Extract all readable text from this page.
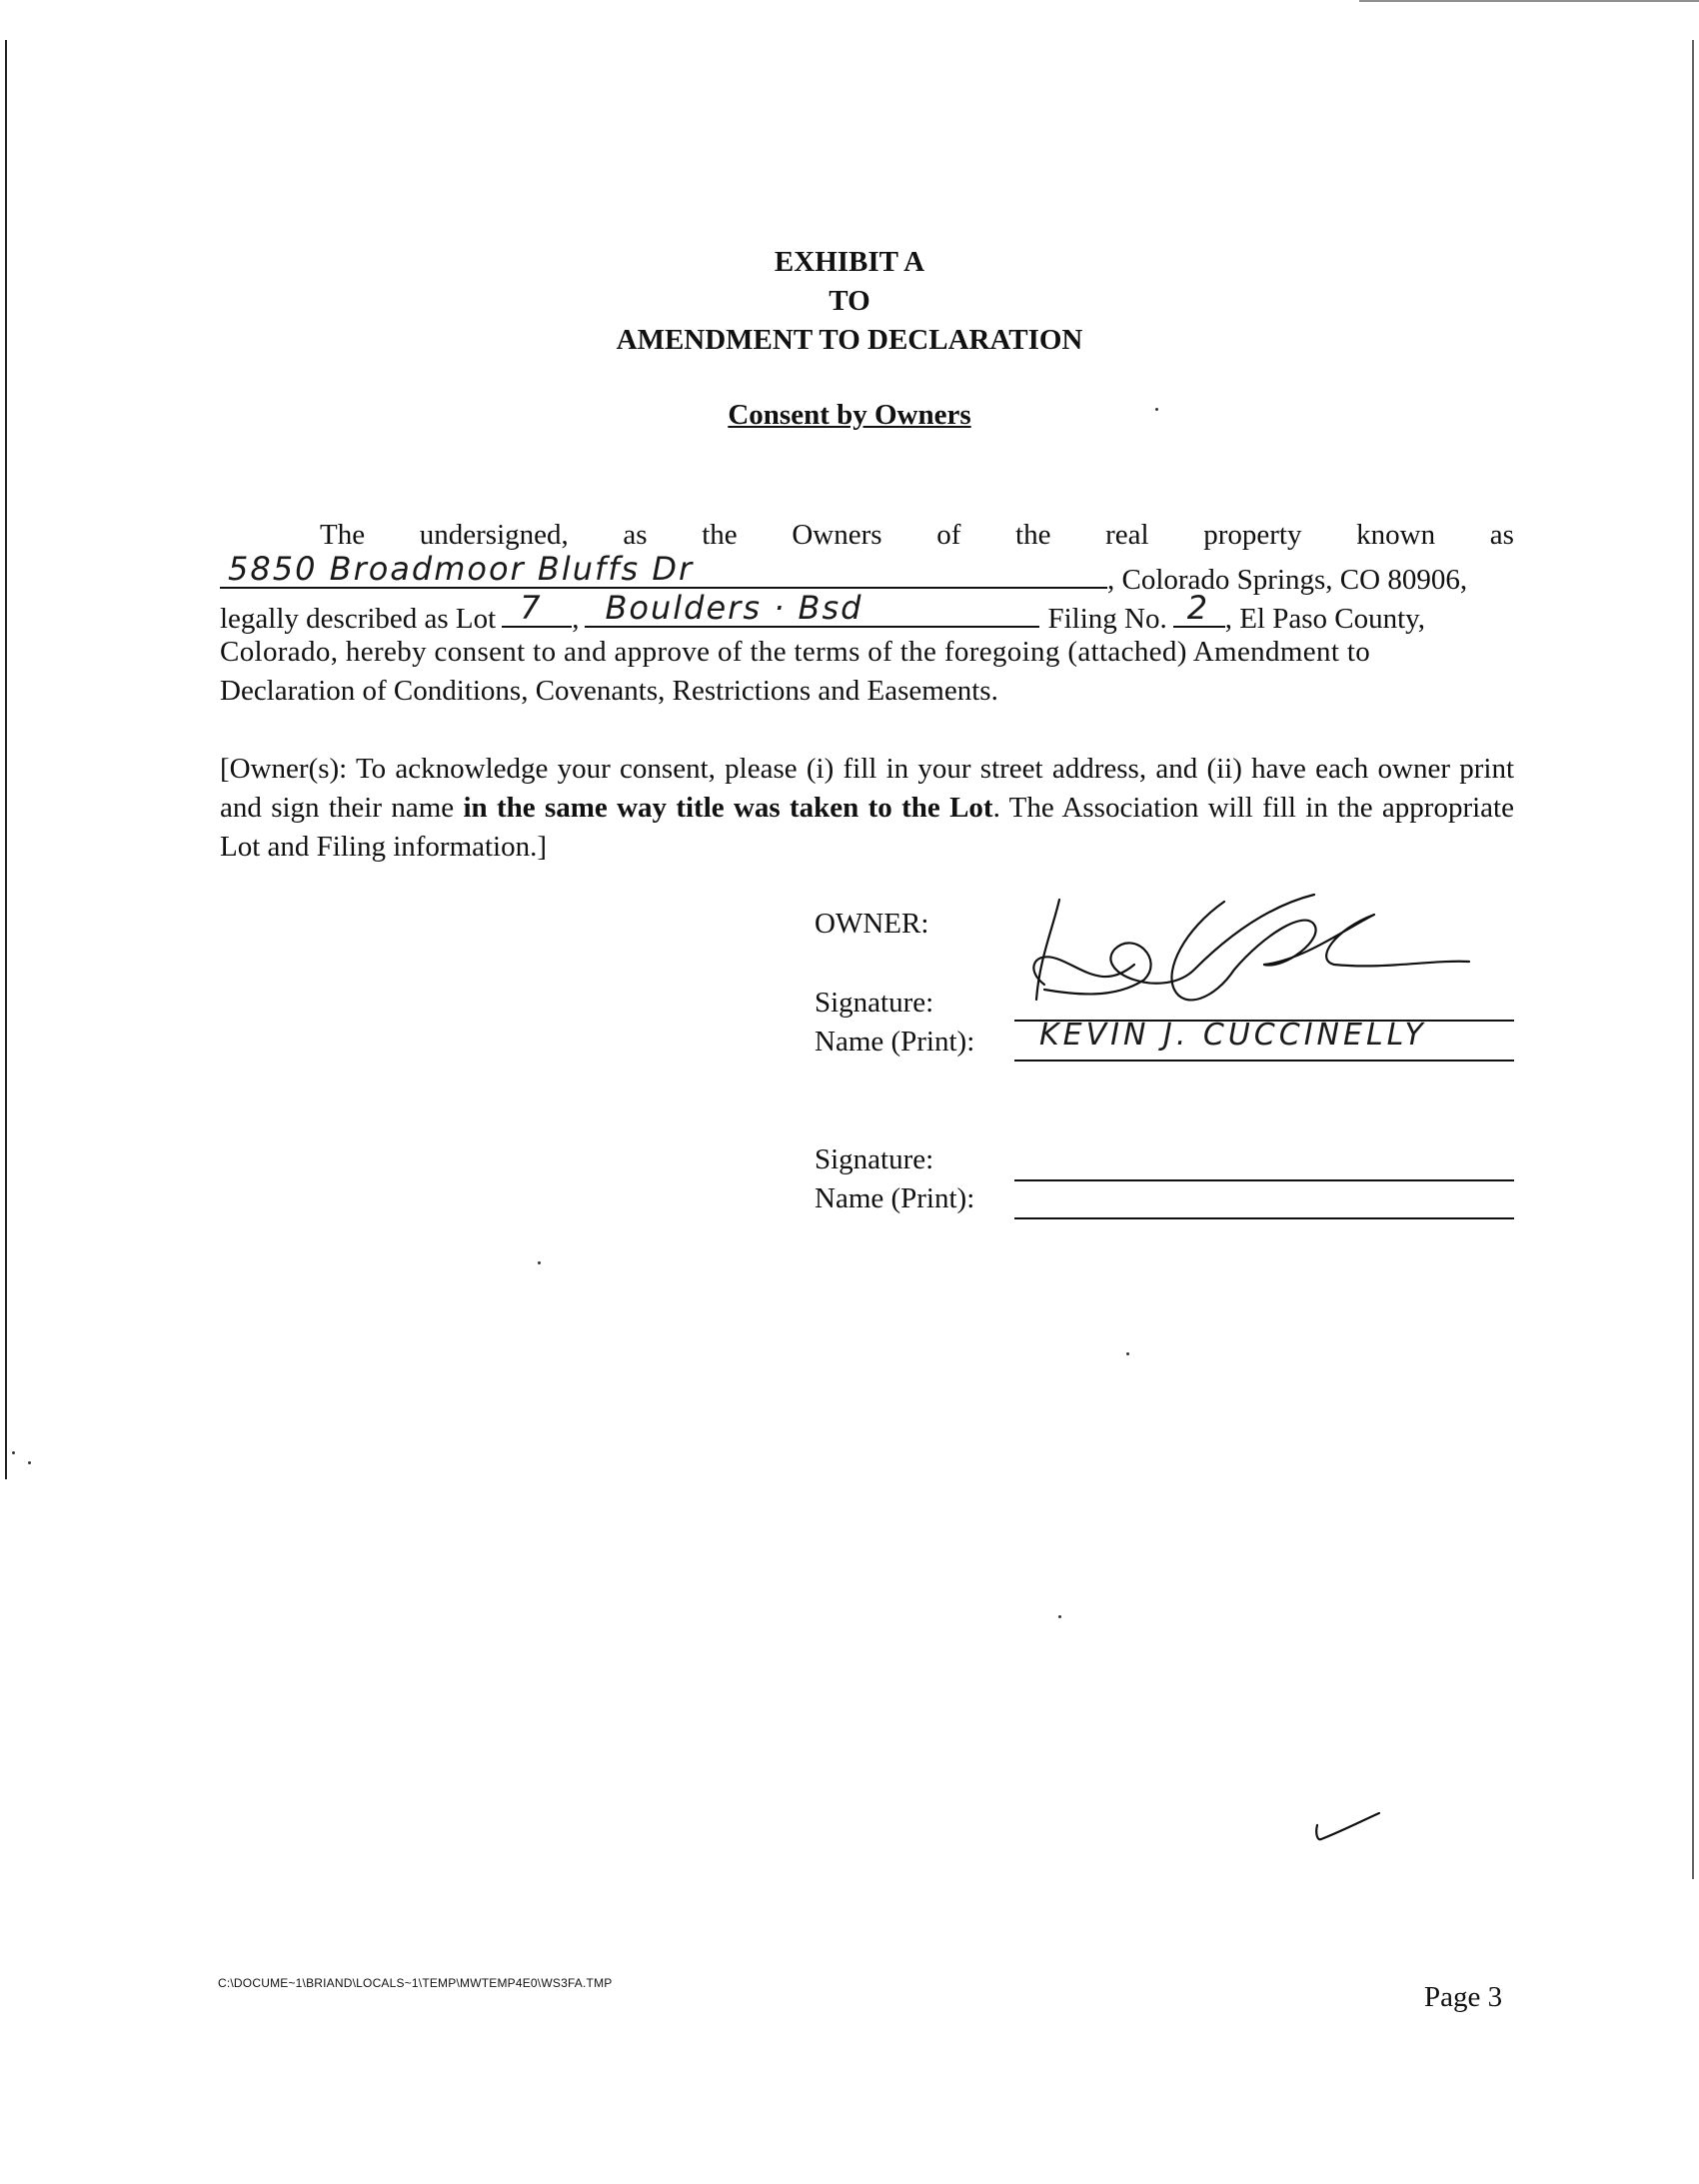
EXHIBIT A
TO
AMENDMENT TO DECLARATION
Consent by Owners
The undersigned, as the Owners of the real property known as
5850 Broadmoor Bluffs Dr	, Colorado Springs, CO 80906,
legally described as Lot 7 , Boulders · Bsd	Filing No. 2 , El Paso County,
Colorado, hereby consent to and approve of the terms of the foregoing (attached) Amendment to
Declaration of Conditions, Covenants, Restrictions and Easements.
[Owner(s): To acknowledge your consent, please (i) fill in your street address, and (ii) have each owner print and sign their name in the same way title was taken to the Lot. The Association will fill in the appropriate Lot and Filing information.]
OWNER:
Signature:
Name (Print): KEVIN J. CUCCINELLY
Signature:
Name (Print):
C:\DOCUME~1\BRIAND\LOCALS~1\TEMP\MWTEMP4E0\WS3FA.TMP	Page 3
